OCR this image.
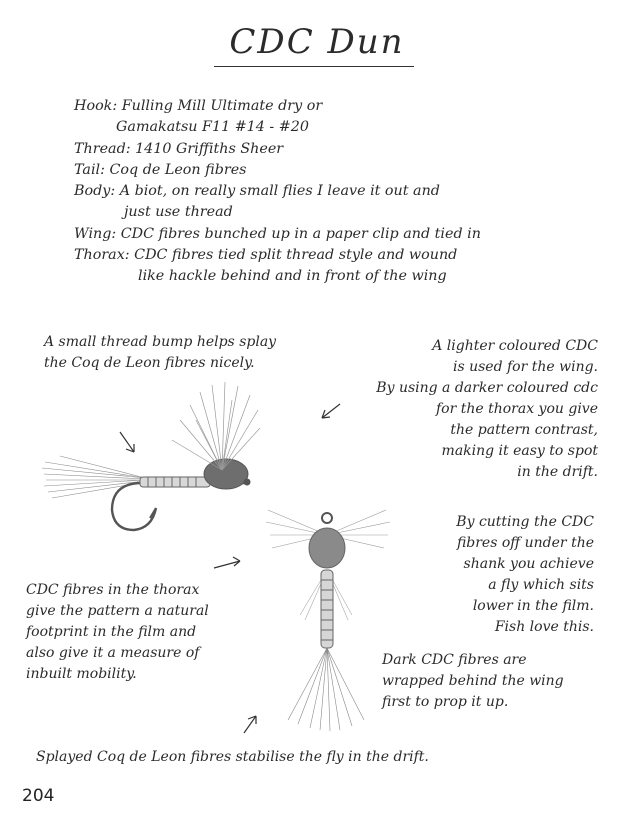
CDC Dun
Hook: Fulling Mill Ultimate dry or
Gamakatsu F11 #14 - #20
Thread: 1410 Griffiths Sheer
Tail: Coq de Leon fibres
Body: A biot, on really small flies I leave it out and
just use thread
Wing: CDC fibres bunched up in a paper clip and tied in
Thorax: CDC fibres tied split thread style and wound
like hackle behind and in front of the wing
A small thread bump helps splay
the Coq de Leon fibres nicely.
A lighter coloured CDC
is used for the wing.
By using a darker coloured cdc
for the thorax you give
the pattern contrast,
making it easy to spot
in the drift.
By cutting the CDC
fibres off under the
shank you achieve
a fly which sits
lower in the film.
Fish love this.
CDC fibres in the thorax
give the pattern a natural
footprint in the film and
also give it a measure of
inbuilt mobility.
Dark CDC fibres are
wrapped behind the wing
first to prop it up.
Splayed Coq de Leon fibres stabilise the fly in the drift.
204
